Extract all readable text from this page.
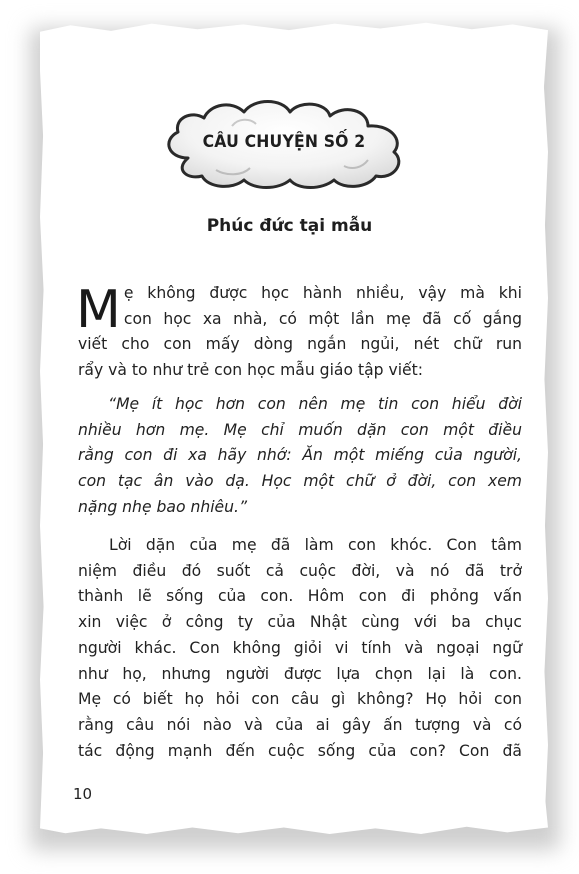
CÂU CHUYỆN SỐ 2
Phúc đức tại mẫu
M ẹ không được học hành nhiều, vậy mà khi
con học xa nhà, có một lần mẹ đã cố gắng
viết cho con mấy dòng ngắn ngủi, nét chữ run
rẩy và to như trẻ con học mẫu giáo tập viết:
“Mẹ ít học hơn con nên mẹ tin con hiểu đời
nhiều hơn mẹ. Mẹ chỉ muốn dặn con một điều
rằng con đi xa hãy nhớ: Ăn một miếng của người,
con tạc ân vào dạ. Học một chữ ở đời, con xem
nặng nhẹ bao nhiêu.”
Lời dặn của mẹ đã làm con khóc. Con tâm
niệm điều đó suốt cả cuộc đời, và nó đã trở
thành lẽ sống của con. Hôm con đi phỏng vấn
xin việc ở công ty của Nhật cùng với ba chục
người khác. Con không giỏi vi tính và ngoại ngữ
như họ, nhưng người được lựa chọn lại là con.
Mẹ có biết họ hỏi con câu gì không? Họ hỏi con
rằng câu nói nào và của ai gây ấn tượng và có
tác động mạnh đến cuộc sống của con? Con đã
10
